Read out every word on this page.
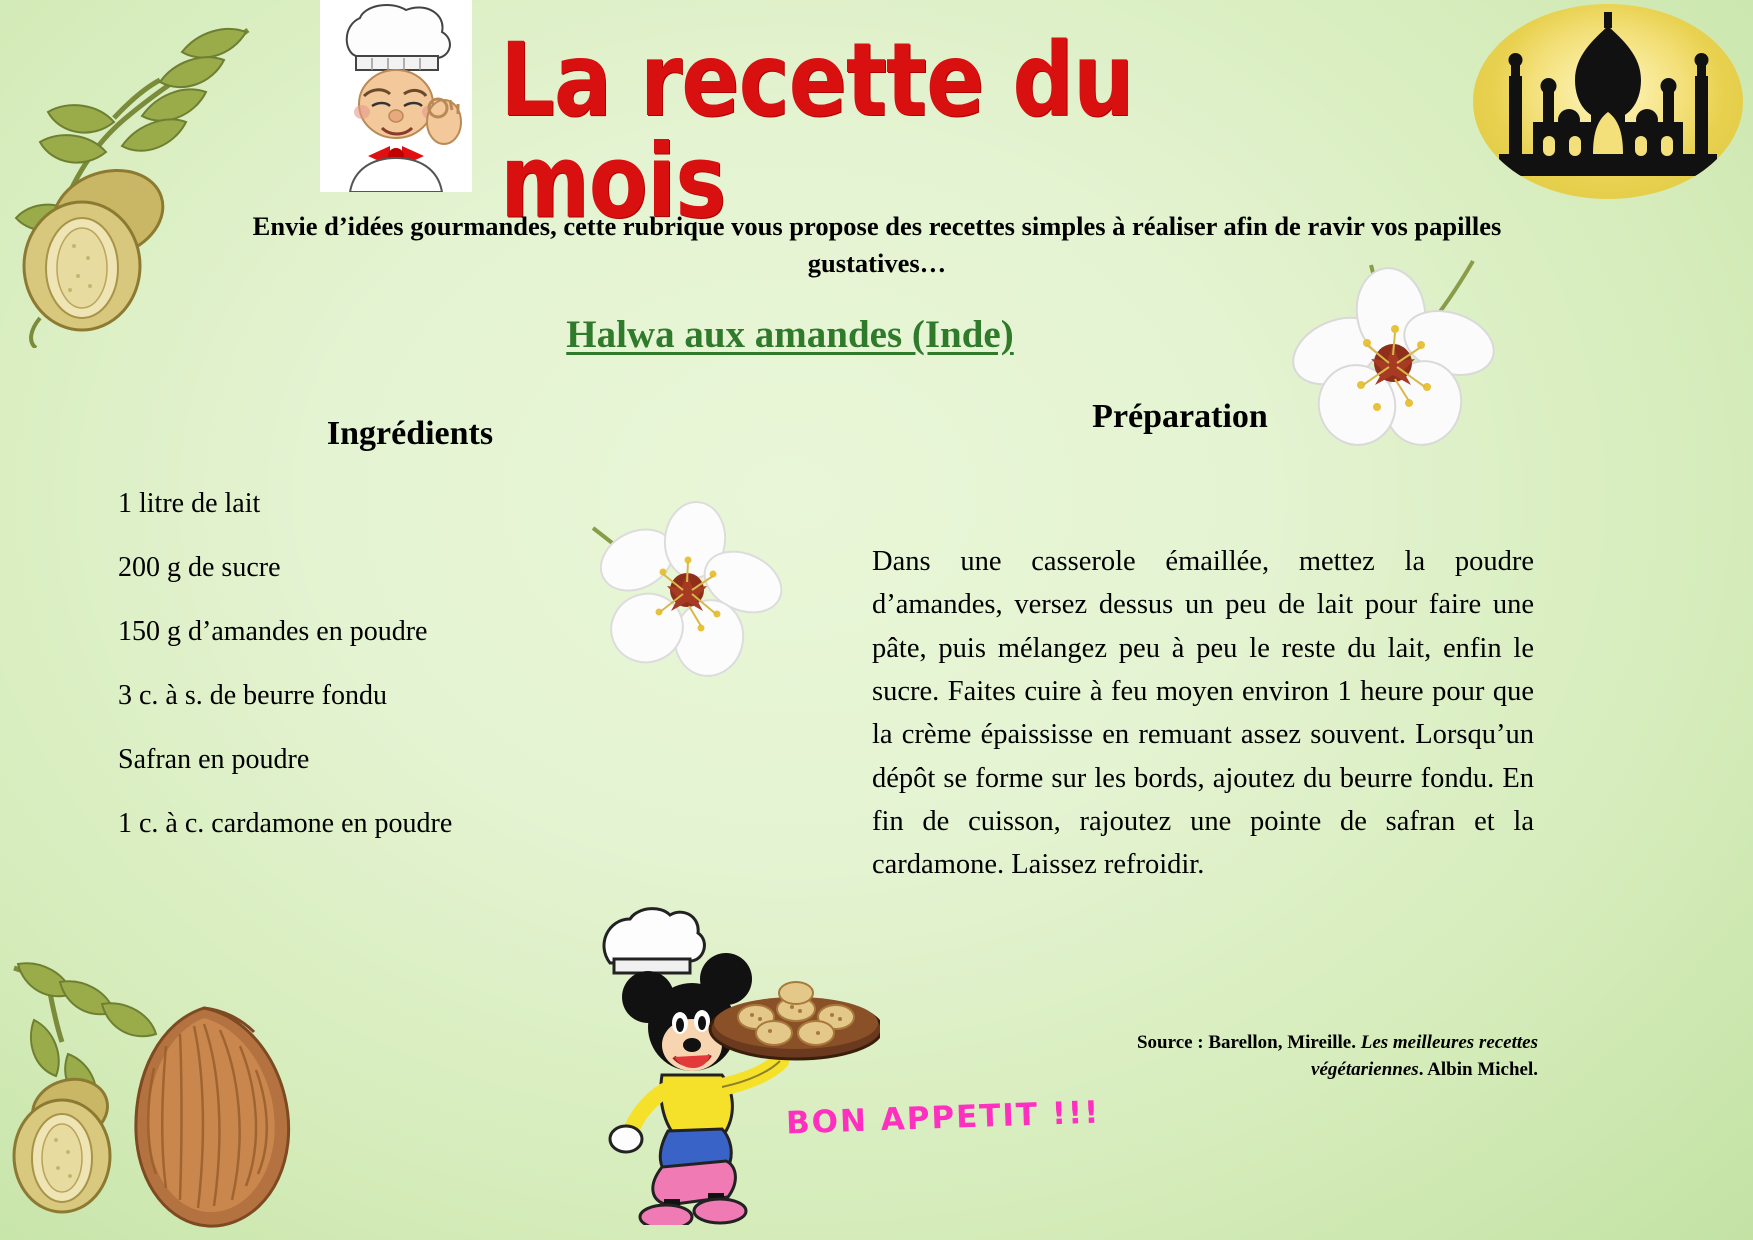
La recette du mois
Envie d’idées gourmandes, cette rubrique vous propose des recettes simples à réaliser afin de ravir vos papilles gustatives…
Halwa aux amandes (Inde)
Ingrédients	Préparation
1 litre de lait
200 g de sucre
150 g d’amandes en poudre
3 c. à s. de beurre fondu
Safran en poudre
1 c. à c. cardamone en poudre
Dans une casserole émaillée, mettez la poudre d’amandes, versez dessus un peu de lait pour faire une pâte, puis mélangez peu à peu le reste du lait, enfin le sucre. Faites cuire à feu moyen environ 1 heure pour que la crème épaississe en remuant assez souvent. Lorsqu’un dépôt se forme sur les bords, ajoutez du beurre fondu. En fin de cuisson, rajoutez une pointe de safran et la cardamone. Laissez refroidir.
Source : Barellon, Mireille. Les meilleures recettes végétariennes. Albin Michel.
BON APPETIT !!!
